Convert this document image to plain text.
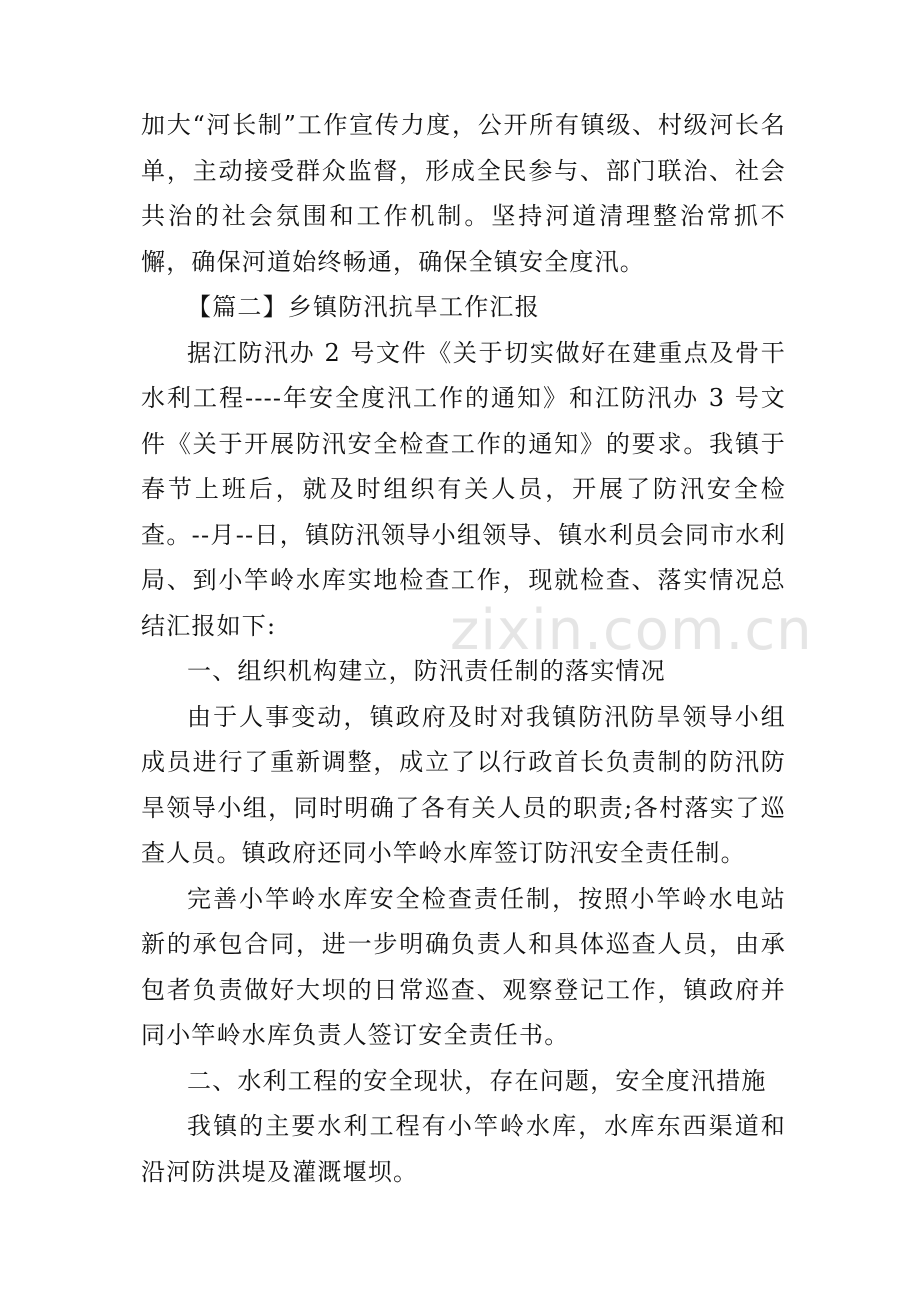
加大“河长制”工作宣传力度，公开所有镇级、村级河长名单，主动接受群众监督，形成全民参与、部门联治、社会共治的社会氛围和工作机制。坚持河道清理整治常抓不懈，确保河道始终畅通，确保全镇安全度汛。

【篇二】乡镇防汛抗旱工作汇报

据江防汛办 2 号文件《关于切实做好在建重点及骨干水利工程----年安全度汛工作的通知》和江防汛办 3 号文件《关于开展防汛安全检查工作的通知》的要求。我镇于春节上班后，就及时组织有关人员，开展了防汛安全检查。--月--日，镇防汛领导小组领导、镇水利员会同市水利局、到小竿岭水库实地检查工作，现就检查、落实情况总结汇报如下:

一、组织机构建立，防汛责任制的落实情况

由于人事变动，镇政府及时对我镇防汛防旱领导小组成员进行了重新调整，成立了以行政首长负责制的防汛防旱领导小组，同时明确了各有关人员的职责;各村落实了巡查人员。镇政府还同小竿岭水库签订防汛安全责任制。

完善小竿岭水库安全检查责任制，按照小竿岭水电站新的承包合同，进一步明确负责人和具体巡查人员，由承包者负责做好大坝的日常巡查、观察登记工作，镇政府并同小竿岭水库负责人签订安全责任书。

二、水利工程的安全现状，存在问题，安全度汛措施

我镇的主要水利工程有小竿岭水库，水库东西渠道和沿河防洪堤及灌溉堰坝。

zixin.com.cn
